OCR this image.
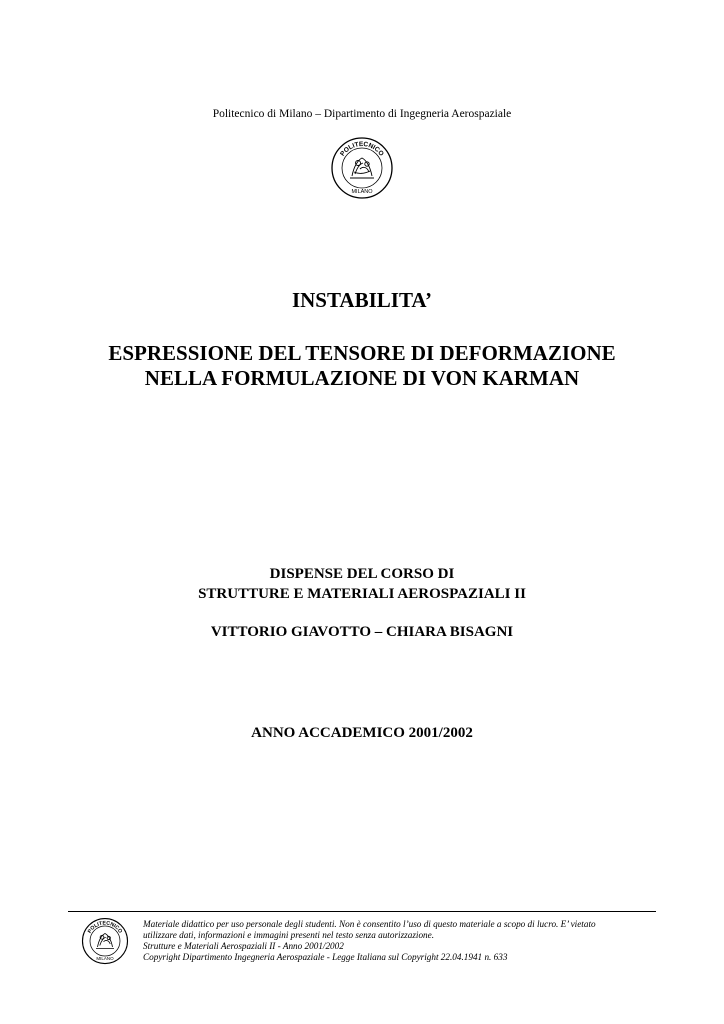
Politecnico di Milano – Dipartimento di Ingegneria Aerospaziale
POLITECNICO
MILANO
INSTABILITA’
ESPRESSIONE DEL TENSORE DI DEFORMAZIONE
NELLA FORMULAZIONE DI VON KARMAN
DISPENSE DEL CORSO DI
STRUTTURE E MATERIALI AEROSPAZIALI II
VITTORIO GIAVOTTO – CHIARA BISAGNI
ANNO ACCADEMICO 2001/2002
POLITECNICO
MILANO
Materiale didattico per uso personale degli studenti. Non è consentito l’uso di questo materiale a scopo di lucro. E’ vietato
utilizzare dati, informazioni e immagini presenti nel testo senza autorizzazione.
Strutture e Materiali Aerospaziali II - Anno 2001/2002
Copyright Dipartimento Ingegneria Aerospaziale - Legge Italiana sul Copyright 22.04.1941 n. 633
